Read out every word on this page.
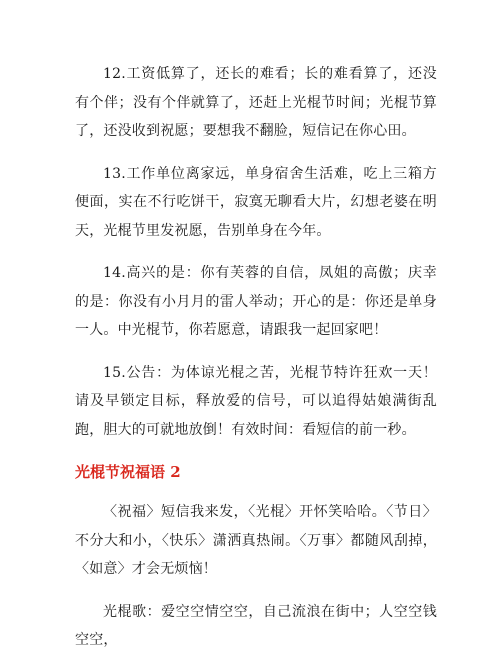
12.工资低算了，还长的难看；长的难看算了，还没有个伴；没有个伴就算了，还赶上光棍节时间；光棍节算了，还没收到祝愿；要想我不翻脸，短信记在你心田。

13.工作单位离家远，单身宿舍生活难，吃上三箱方便面，实在不行吃饼干，寂寞无聊看大片，幻想老婆在明天，光棍节里发祝愿，告别单身在今年。

14.高兴的是：你有芙蓉的自信，凤姐的高傲；庆幸的是：你没有小月月的雷人举动；开心的是：你还是单身一人。中光棍节，你若愿意，请跟我一起回家吧！

15.公告：为体谅光棍之苦，光棍节特许狂欢一天！请及早锁定目标，释放爱的信号，可以追得姑娘满街乱跑，胆大的可就地放倒！有效时间：看短信的前一秒。

光棍节祝福语 2

〈祝福〉短信我来发，〈光棍〉开怀笑哈哈。〈节日〉不分大和小，〈快乐〉潇洒真热闹。〈万事〉都随风刮掉，〈如意〉才会无烦恼！

光棍歌：爱空空情空空，自己流浪在街中；人空空钱空空，
